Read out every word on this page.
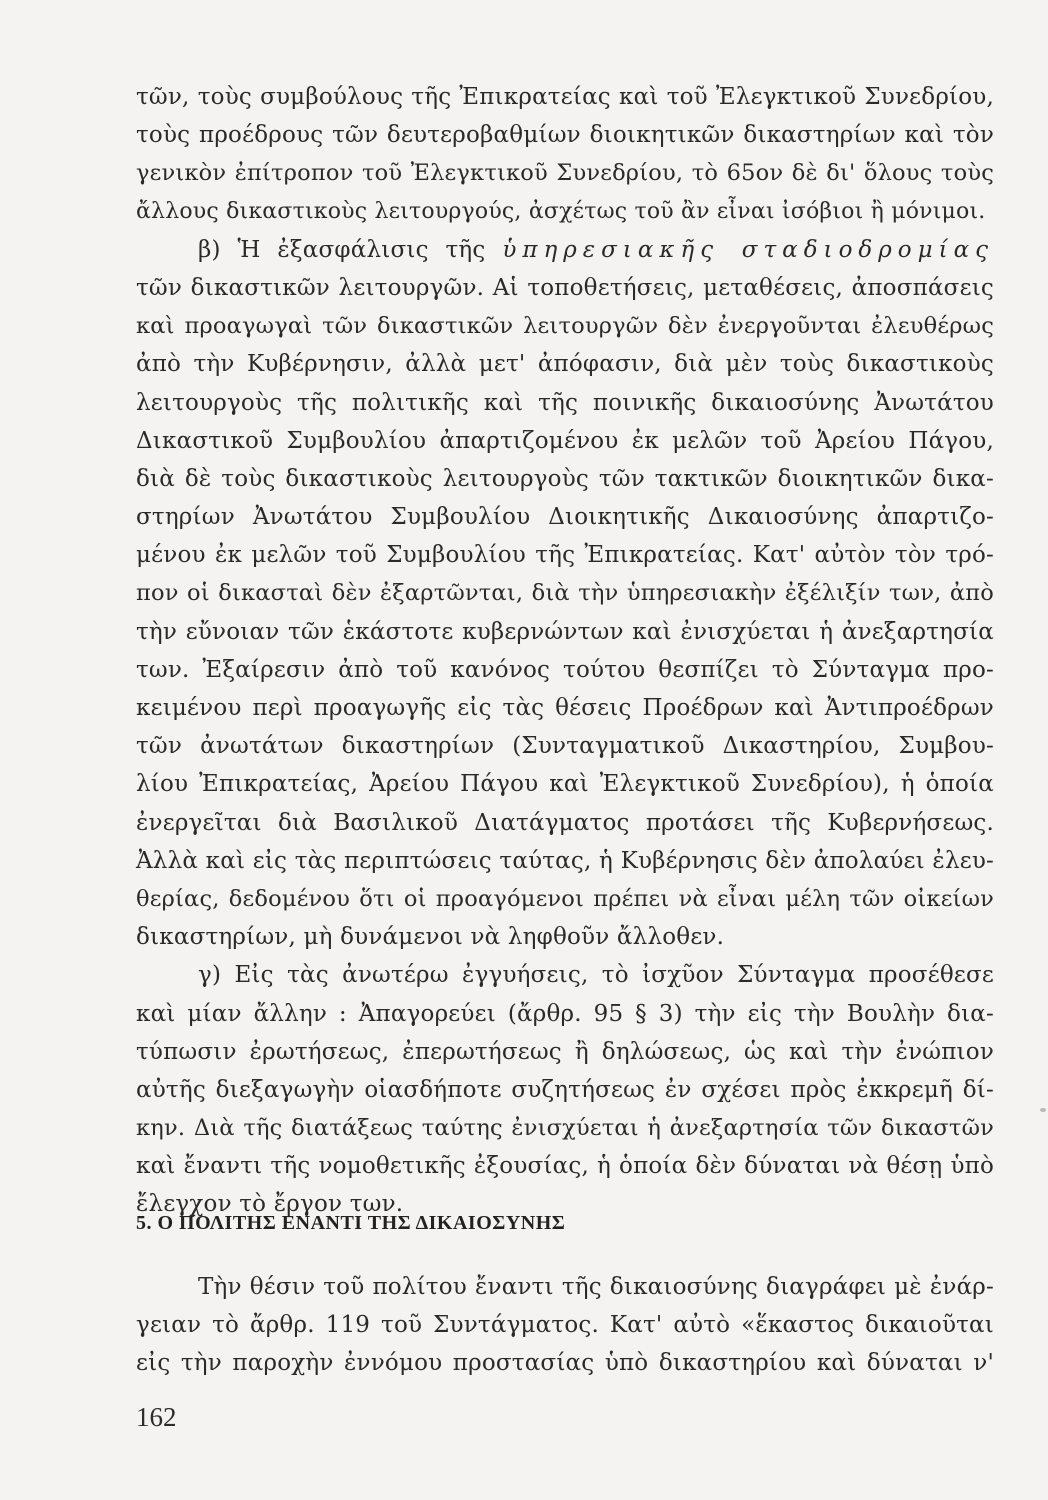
τῶν, τοὺς συμβούλους τῆς Ἐπικρατείας καὶ τοῦ Ἐλεγκτικοῦ Συνεδρίου,
τοὺς προέδρους τῶν δευτεροβαθμίων διοικητικῶν δικαστηρίων καὶ τὸν
γενικὸν ἐπίτροπον τοῦ Ἐλεγκτικοῦ Συνεδρίου, τὸ 65ον δὲ δι' ὅλους τοὺς
ἄλλους δικαστικοὺς λειτουργούς, ἀσχέτως τοῦ ἂν εἶναι ἰσόβιοι ἢ μόνιμοι.
β) Ἡ ἐξασφάλισις τῆς ὑπηρεσιακῆς σταδιοδρομίας
τῶν δικαστικῶν λειτουργῶν. Αἱ τοποθετήσεις, μεταθέσεις, ἀποσπάσεις
καὶ προαγωγαὶ τῶν δικαστικῶν λειτουργῶν δὲν ἐνεργοῦνται ἐλευθέρως
ἀπὸ τὴν Κυβέρνησιν, ἀλλὰ μετ' ἀπόφασιν, διὰ μὲν τοὺς δικαστικοὺς
λειτουργοὺς τῆς πολιτικῆς καὶ τῆς ποινικῆς δικαιοσύνης Ἀνωτάτου
Δικαστικοῦ Συμβουλίου ἀπαρτιζομένου ἐκ μελῶν τοῦ Ἀρείου Πάγου,
διὰ δὲ τοὺς δικαστικοὺς λειτουργοὺς τῶν τακτικῶν διοικητικῶν δικα-
στηρίων Ἀνωτάτου Συμβουλίου Διοικητικῆς Δικαιοσύνης ἀπαρτιζο-
μένου ἐκ μελῶν τοῦ Συμβουλίου τῆς Ἐπικρατείας. Κατ' αὐτὸν τὸν τρό-
πον οἱ δικασταὶ δὲν ἐξαρτῶνται, διὰ τὴν ὑπηρεσιακὴν ἐξέλιξίν των, ἀπὸ
τὴν εὔνοιαν τῶν ἑκάστοτε κυβερνώντων καὶ ἐνισχύεται ἡ ἀνεξαρτησία
των. Ἐξαίρεσιν ἀπὸ τοῦ κανόνος τούτου θεσπίζει τὸ Σύνταγμα προ-
κειμένου περὶ προαγωγῆς εἰς τὰς θέσεις Προέδρων καὶ Ἀντιπροέδρων
τῶν ἀνωτάτων δικαστηρίων (Συνταγματικοῦ Δικαστηρίου, Συμβου-
λίου Ἐπικρατείας, Ἀρείου Πάγου καὶ Ἐλεγκτικοῦ Συνεδρίου), ἡ ὁποία
ἐνεργεῖται διὰ Βασιλικοῦ Διατάγματος προτάσει τῆς Κυβερνήσεως.
Ἀλλὰ καὶ εἰς τὰς περιπτώσεις ταύτας, ἡ Κυβέρνησις δὲν ἀπολαύει ἐλευ-
θερίας, δεδομένου ὅτι οἱ προαγόμενοι πρέπει νὰ εἶναι μέλη τῶν οἰκείων
δικαστηρίων, μὴ δυνάμενοι νὰ ληφθοῦν ἄλλοθεν.
γ) Εἰς τὰς ἀνωτέρω ἐγγυήσεις, τὸ ἰσχῦον Σύνταγμα προσέθεσε
καὶ μίαν ἄλλην : Ἀπαγορεύει (ἄρθρ. 95 § 3) τὴν εἰς τὴν Βουλὴν δια-
τύπωσιν ἐρωτήσεως, ἐπερωτήσεως ἢ δηλώσεως, ὡς καὶ τὴν ἐνώπιον
αὐτῆς διεξαγωγὴν οἱασδήποτε συζητήσεως ἐν σχέσει πρὸς ἐκκρεμῆ δί-
κην. Διὰ τῆς διατάξεως ταύτης ἐνισχύεται ἡ ἀνεξαρτησία τῶν δικαστῶν
καὶ ἔναντι τῆς νομοθετικῆς ἐξουσίας, ἡ ὁποία δὲν δύναται νὰ θέσῃ ὑπὸ
ἔλεγχον τὸ ἔργον των.
5. Ο ΠΟΛΙΤΗΣ ΕΝΑΝΤΙ ΤΗΣ ΔΙΚΑΙΟΣΥΝΗΣ
Τὴν θέσιν τοῦ πολίτου ἔναντι τῆς δικαιοσύνης διαγράφει μὲ ἐνάρ-
γειαν τὸ ἄρθρ. 119 τοῦ Συντάγματος. Κατ' αὐτὸ «ἕκαστος δικαιοῦται
εἰς τὴν παροχὴν ἐννόμου προστασίας ὑπὸ δικαστηρίου καὶ δύναται ν'
162
